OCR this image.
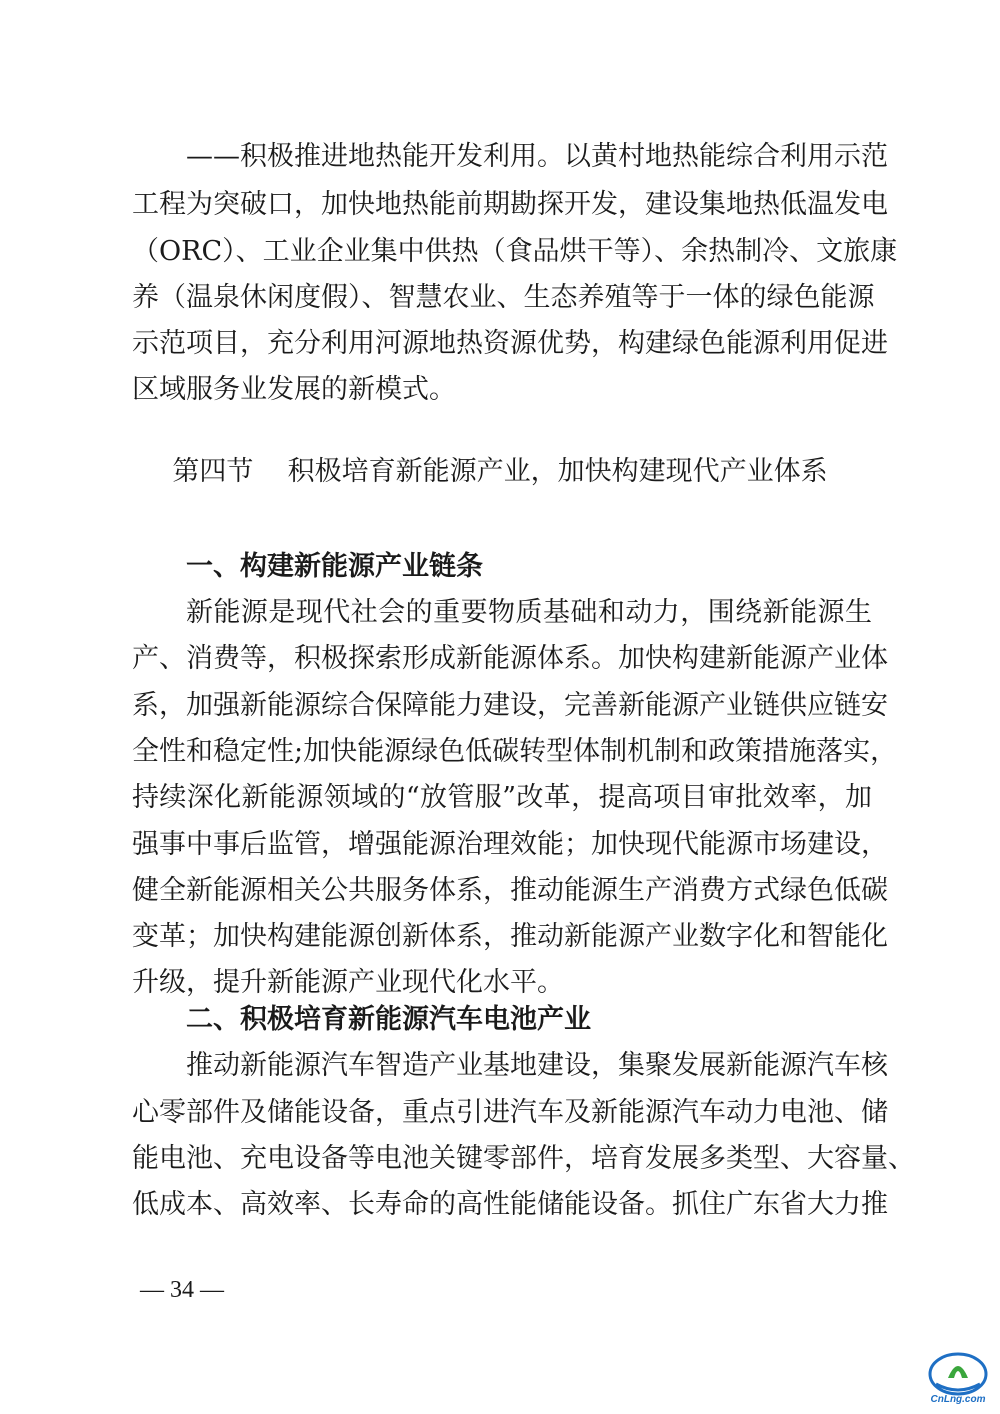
——积极推进地热能开发利用。以黄村地热能综合利用示范
工程为突破口，加快地热能前期勘探开发，建设集地热低温发电
（ORC）、工业企业集中供热（食品烘干等）、余热制冷、文旅康
养（温泉休闲度假）、智慧农业、生态养殖等于一体的绿色能源
示范项目，充分利用河源地热资源优势，构建绿色能源利用促进
区域服务业发展的新模式。
第四节    积极培育新能源产业，加快构建现代产业体系
一、构建新能源产业链条
新能源是现代社会的重要物质基础和动力，围绕新能源生
产、消费等，积极探索形成新能源体系。加快构建新能源产业体
系，加强新能源综合保障能力建设，完善新能源产业链供应链安
全性和稳定性;加快能源绿色低碳转型体制机制和政策措施落实，
持续深化新能源领域的“放管服”改革，提高项目审批效率，加
强事中事后监管，增强能源治理效能；加快现代能源市场建设，
健全新能源相关公共服务体系，推动能源生产消费方式绿色低碳
变革；加快构建能源创新体系，推动新能源产业数字化和智能化
升级，提升新能源产业现代化水平。
二、积极培育新能源汽车电池产业
推动新能源汽车智造产业基地建设，集聚发展新能源汽车核
心零部件及储能设备，重点引进汽车及新能源汽车动力电池、储
能电池、充电设备等电池关键零部件，培育发展多类型、大容量、
低成本、高效率、长寿命的高性能储能设备。抓住广东省大力推
— 34 —
CnLng.com
